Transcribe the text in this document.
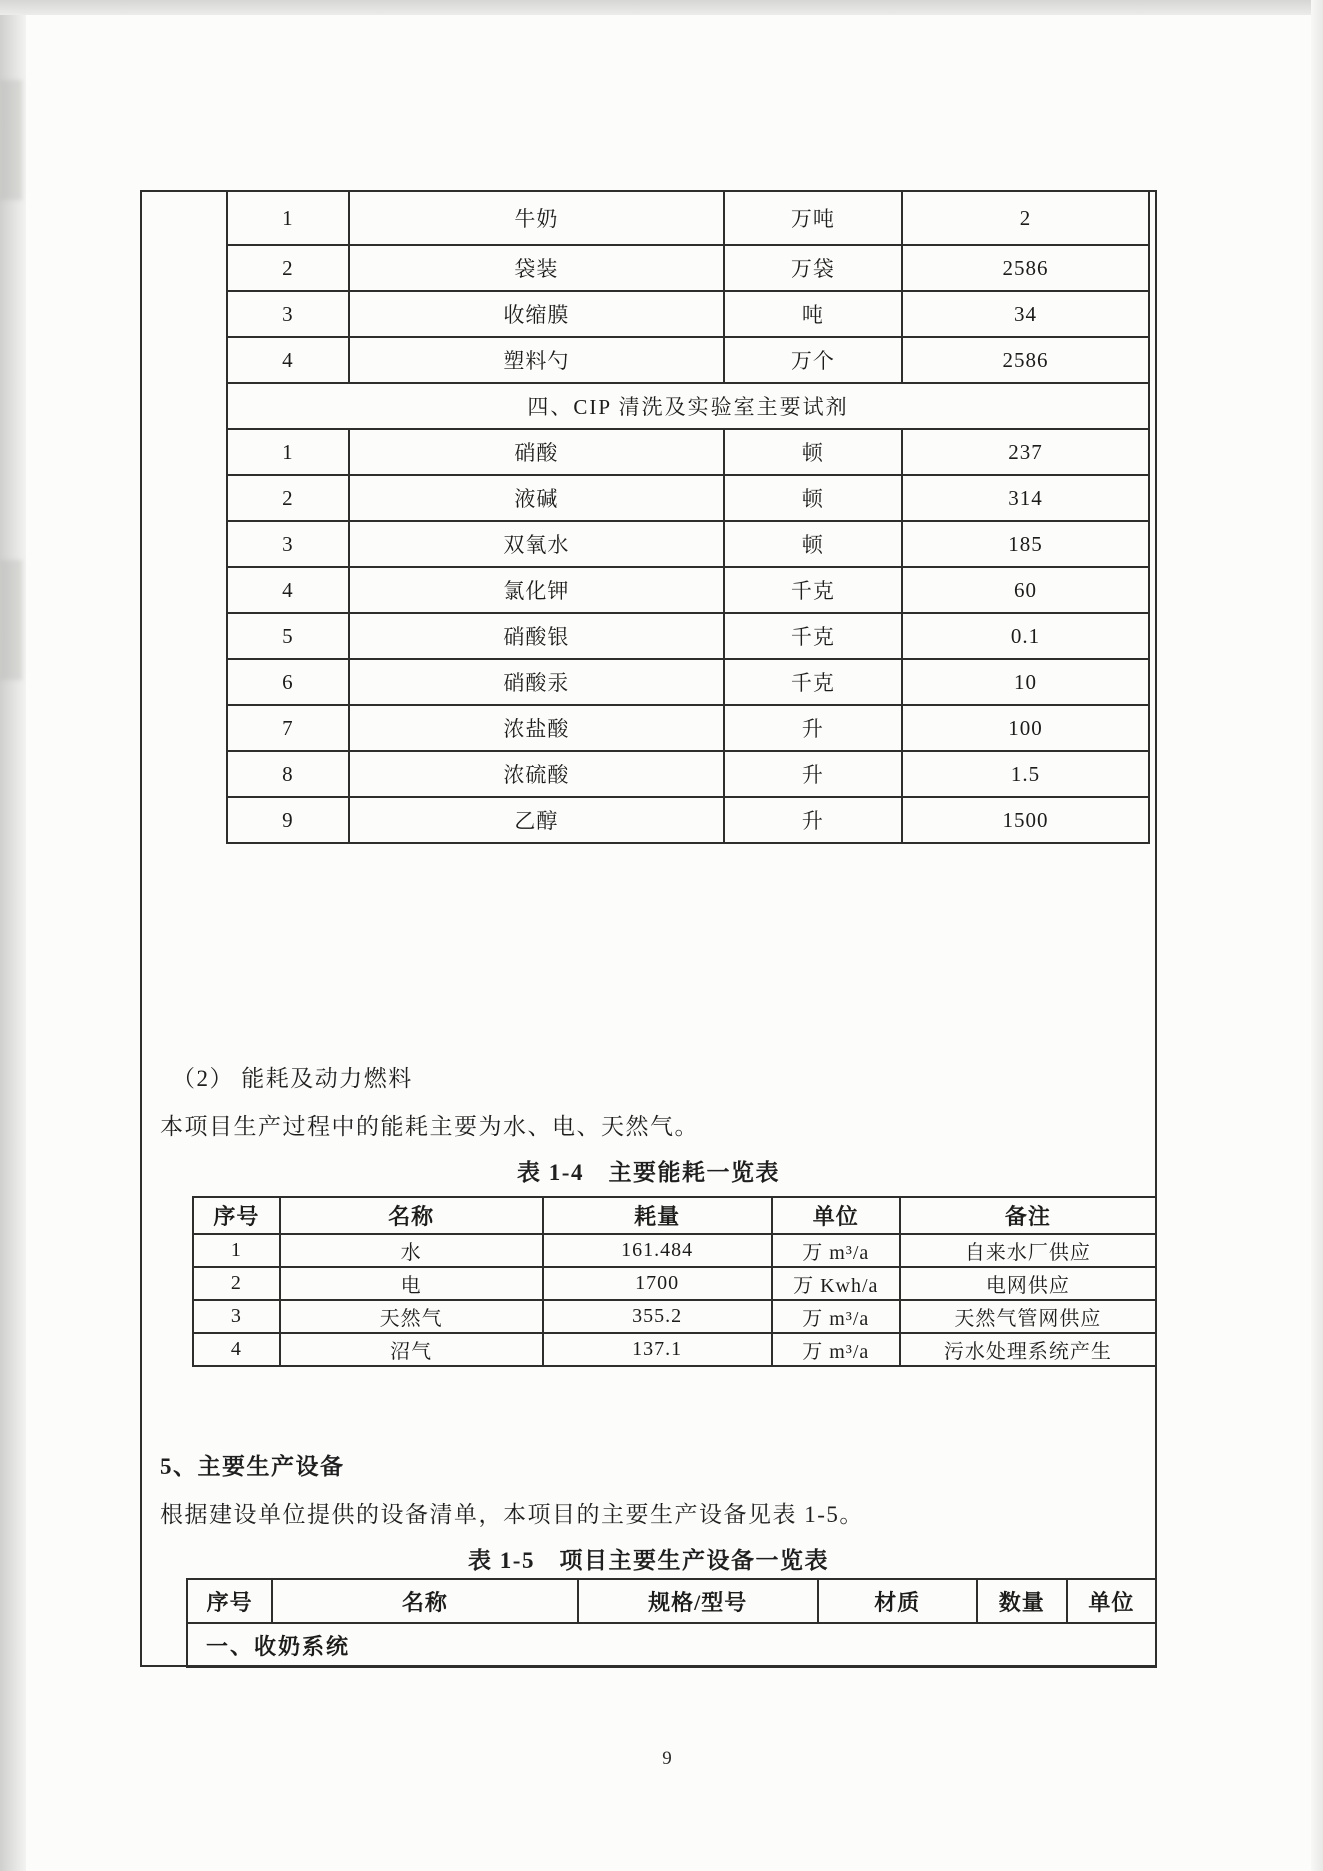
1	牛奶	万吨	2
2	袋装	万袋	2586
3	收缩膜	吨	34
4	塑料勺	万个	2586
四、CIP 清洗及实验室主要试剂			
1	硝酸	顿	237
2	液碱	顿	314
3	双氧水	顿	185
4	氯化钾	千克	60
5	硝酸银	千克	0.1
6	硝酸汞	千克	10
7	浓盐酸	升	100
8	浓硫酸	升	1.5
9	乙醇	升	1500
（2） 能耗及动力燃料
本项目生产过程中的能耗主要为水、电、天然气。
表 1-4　主要能耗一览表
序号	名称	耗量	单位	备注
1	水	161.484	万 m³/a	自来水厂供应
2	电	1700	万 Kwh/a	电网供应
3	天然气	355.2	万 m³/a	天然气管网供应
4	沼气	137.1	万 m³/a	污水处理系统产生
5、主要生产设备
根据建设单位提供的设备清单，本项目的主要生产设备见表 1-5。
表 1-5　项目主要生产设备一览表
序号	名称	规格/型号	材质	数量	单位
一、收奶系统
9
